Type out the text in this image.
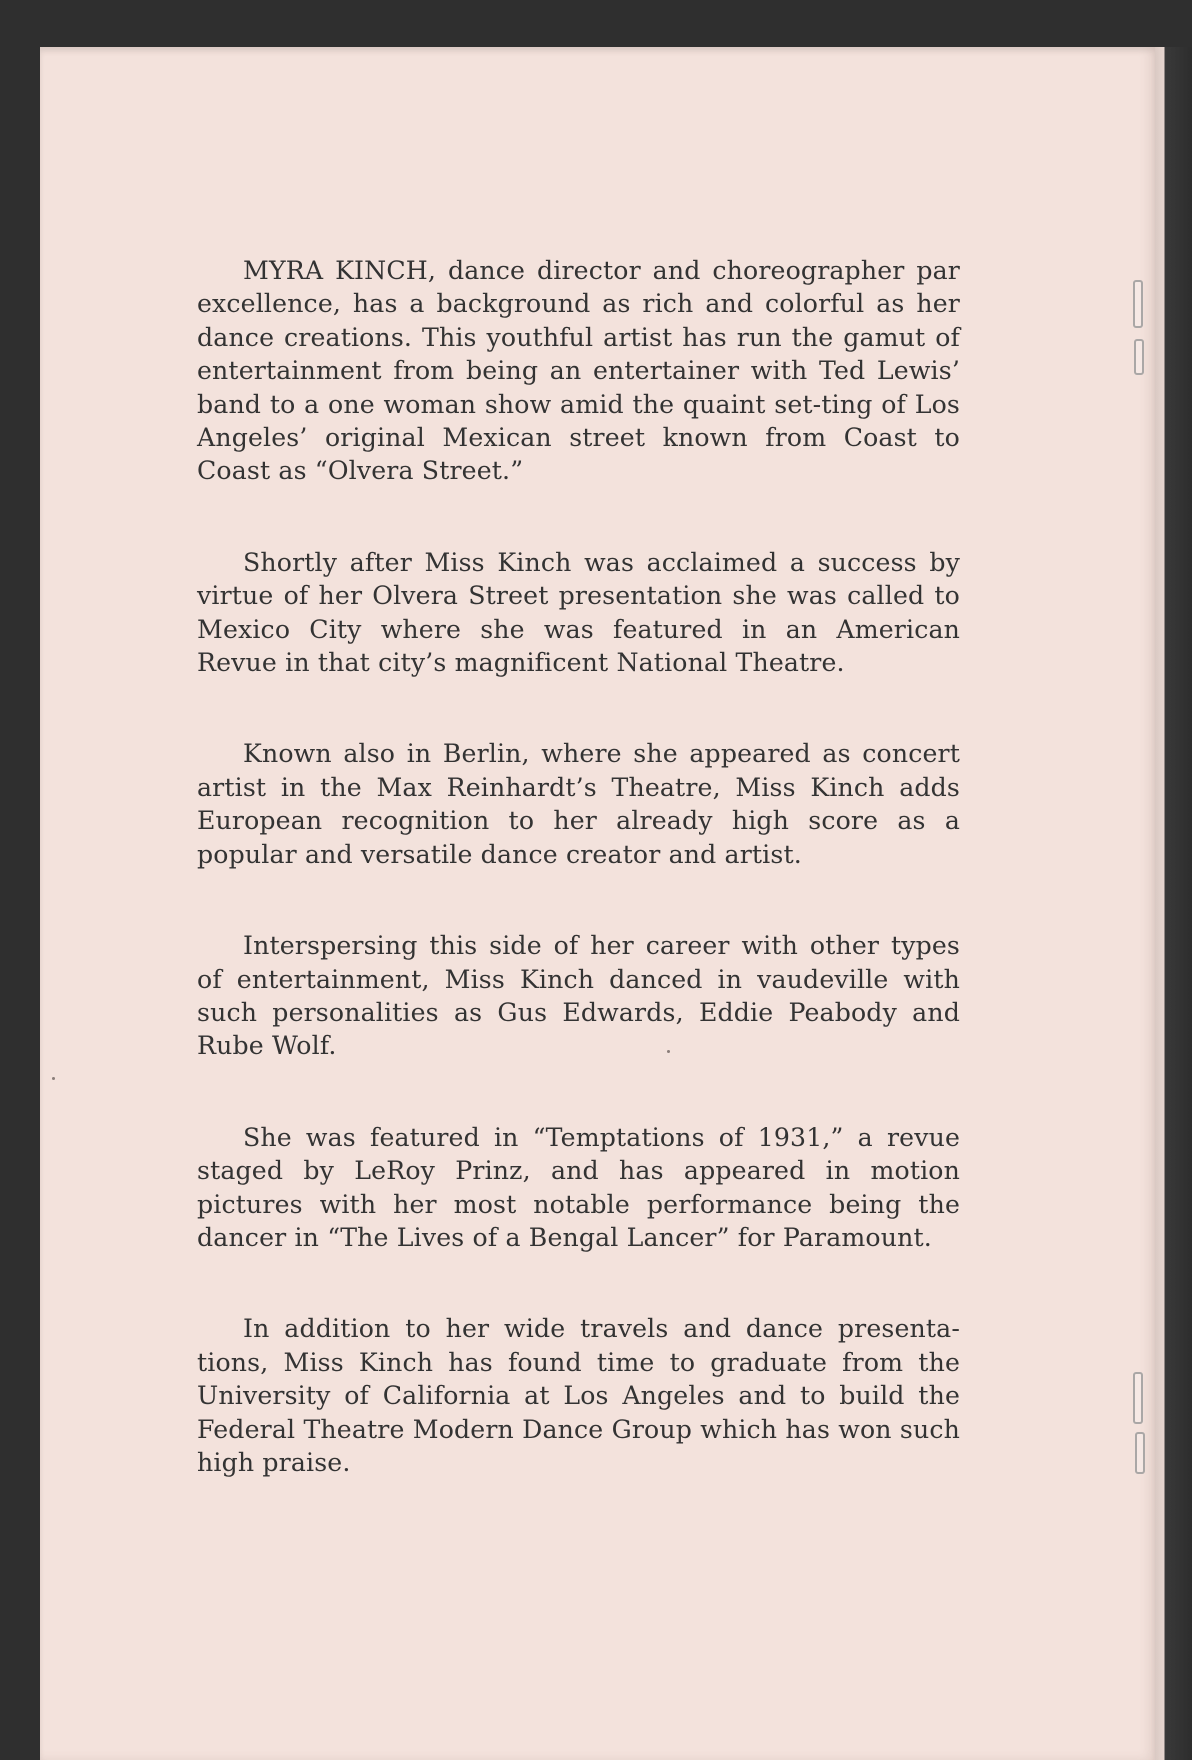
MYRA KINCH, dance director and choreographer par excellence, has a background as rich and colorful as her dance creations. This youthful artist has run the gamut of entertainment from being an entertainer with Ted Lewis’ band to a one woman show amid the quaint set-ting of Los Angeles’ original Mexican street known from Coast to Coast as “Olvera Street.”

Shortly after Miss Kinch was acclaimed a success by virtue of her Olvera Street presentation she was called to Mexico City where she was featured in an American Revue in that city’s magnificent National Theatre.

Known also in Berlin, where she appeared as concert artist in the Max Reinhardt’s Theatre, Miss Kinch adds European recognition to her already high score as a popular and versatile dance creator and artist.

Interspersing this side of her career with other types of entertainment, Miss Kinch danced in vaudeville with such personalities as Gus Edwards, Eddie Peabody and Rube Wolf.

She was featured in “Temptations of 1931,” a revue staged by LeRoy Prinz, and has appeared in motion pictures with her most notable performance being the dancer in “The Lives of a Bengal Lancer” for Paramount.

In addition to her wide travels and dance presenta-tions, Miss Kinch has found time to graduate from the University of California at Los Angeles and to build the Federal Theatre Modern Dance Group which has won such high praise.
